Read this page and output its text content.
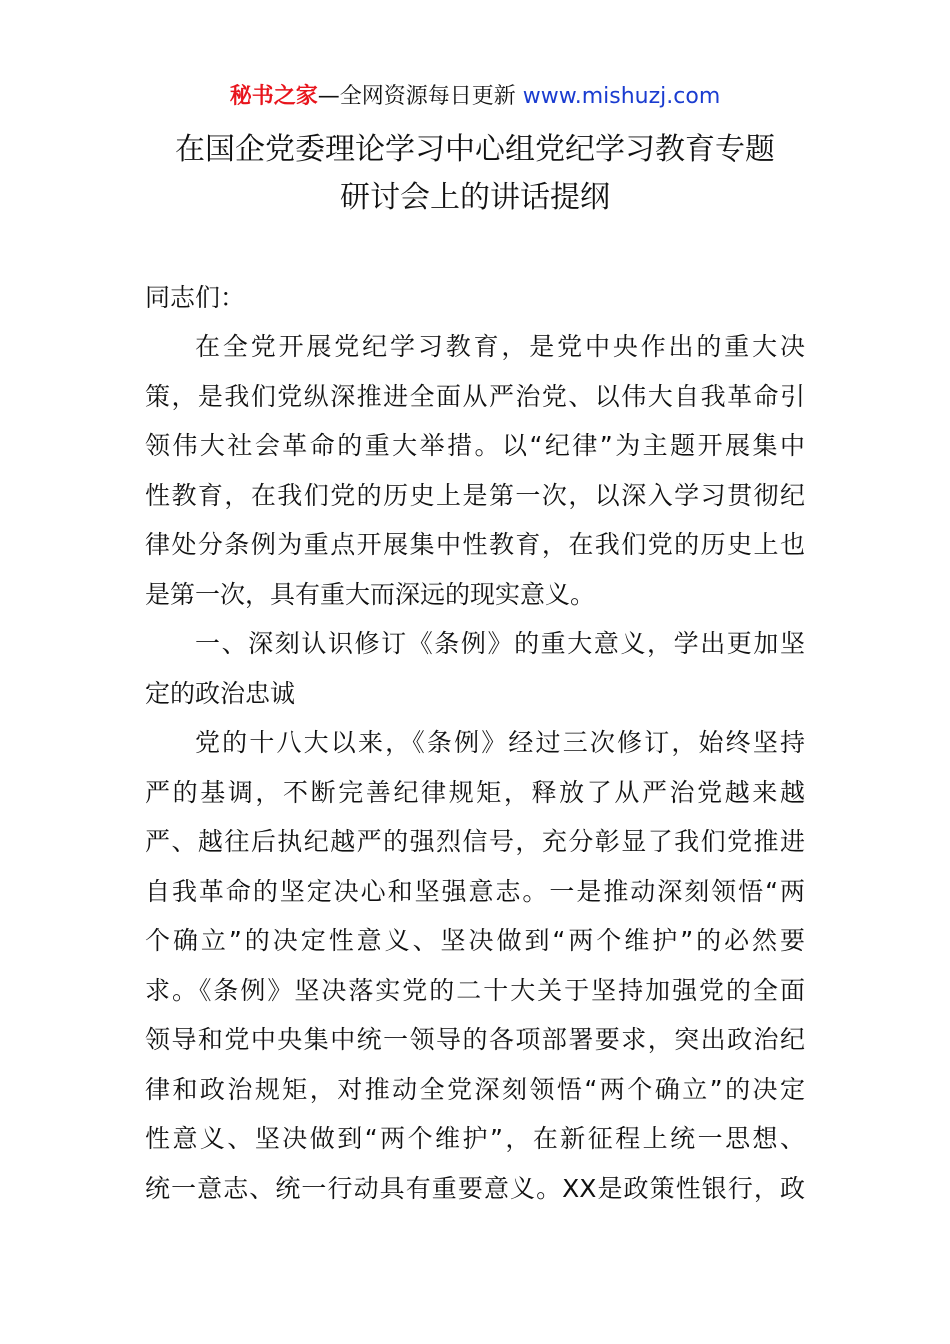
秘书之家—全网资源每日更新 www.mishuzj.com
在国企党委理论学习中心组党纪学习教育专题
研讨会上的讲话提纲
同志们：
在全党开展党纪学习教育，是党中央作出的重大决
策，是我们党纵深推进全面从严治党、以伟大自我革命引
领伟大社会革命的重大举措。以“纪律”为主题开展集中
性教育，在我们党的历史上是第一次，以深入学习贯彻纪
律处分条例为重点开展集中性教育，在我们党的历史上也
是第一次，具有重大而深远的现实意义。
一、深刻认识修订《条例》的重大意义，学出更加坚
定的政治忠诚
党的十八大以来，《条例》经过三次修订，始终坚持
严的基调，不断完善纪律规矩，释放了从严治党越来越
严、越往后执纪越严的强烈信号，充分彰显了我们党推进
自我革命的坚定决心和坚强意志。一是推动深刻领悟“两
个确立”的决定性意义、坚决做到“两个维护”的必然要
求。《条例》坚决落实党的二十大关于坚持加强党的全面
领导和党中央集中统一领导的各项部署要求，突出政治纪
律和政治规矩，对推动全党深刻领悟“两个确立”的决定
性意义、坚决做到“两个维护”，在新征程上统一思想、
统一意志、统一行动具有重要意义。XX是政策性银行，政
